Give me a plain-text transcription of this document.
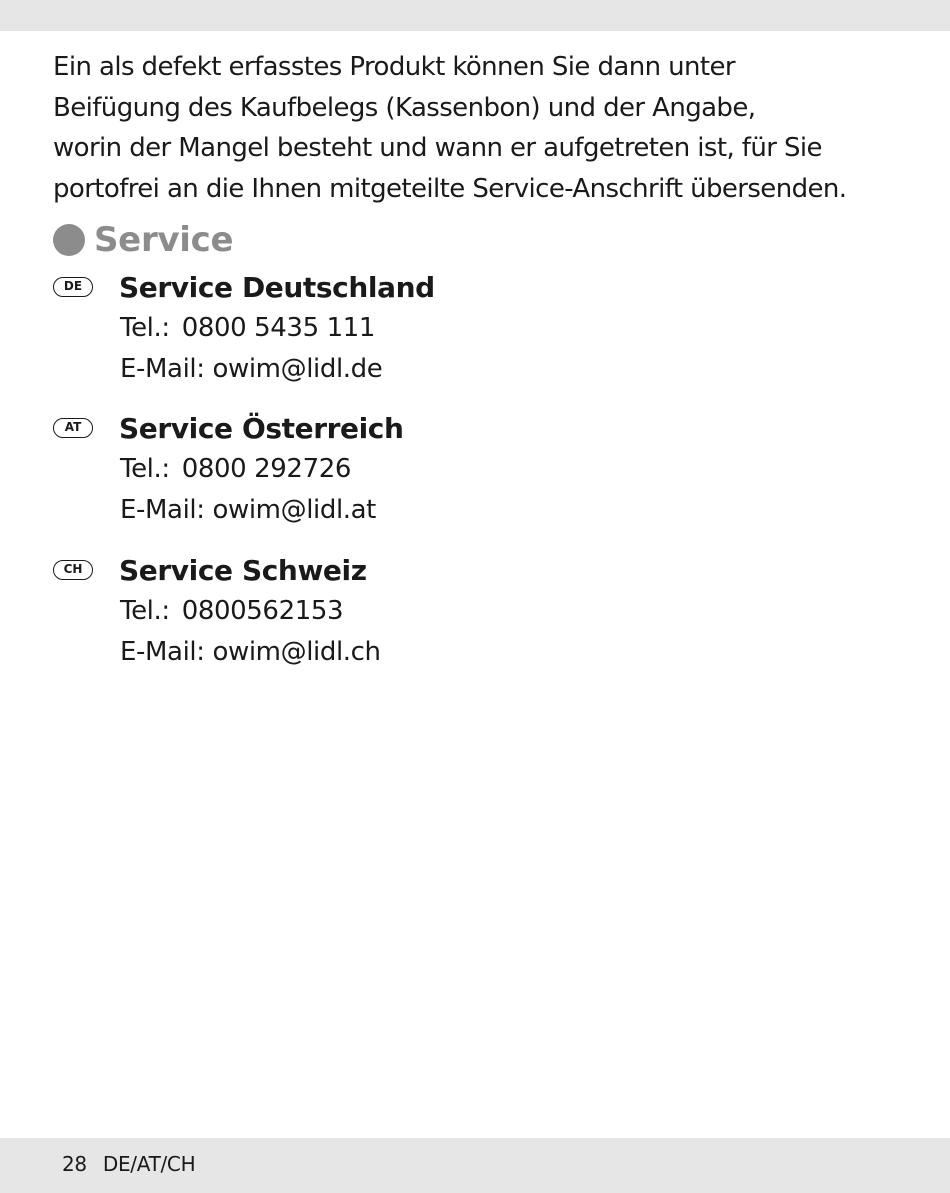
Ein als defekt erfasstes Produkt können Sie dann unter
Beifügung des Kaufbelegs (Kassenbon) und der Angabe,
worin der Mangel besteht und wann er aufgetreten ist, für Sie
portofrei an die Ihnen mitgeteilte Service-Anschrift übersenden.

Service
DE	Service Deutschland
Tel.: 0800 5435 111
E-Mail: owim@lidl.de
AT	Service Österreich
Tel.: 0800 292726
E-Mail: owim@lidl.at
CH	Service Schweiz
Tel.: 0800562153
E-Mail: owim@lidl.ch
28 DE/AT/CH
